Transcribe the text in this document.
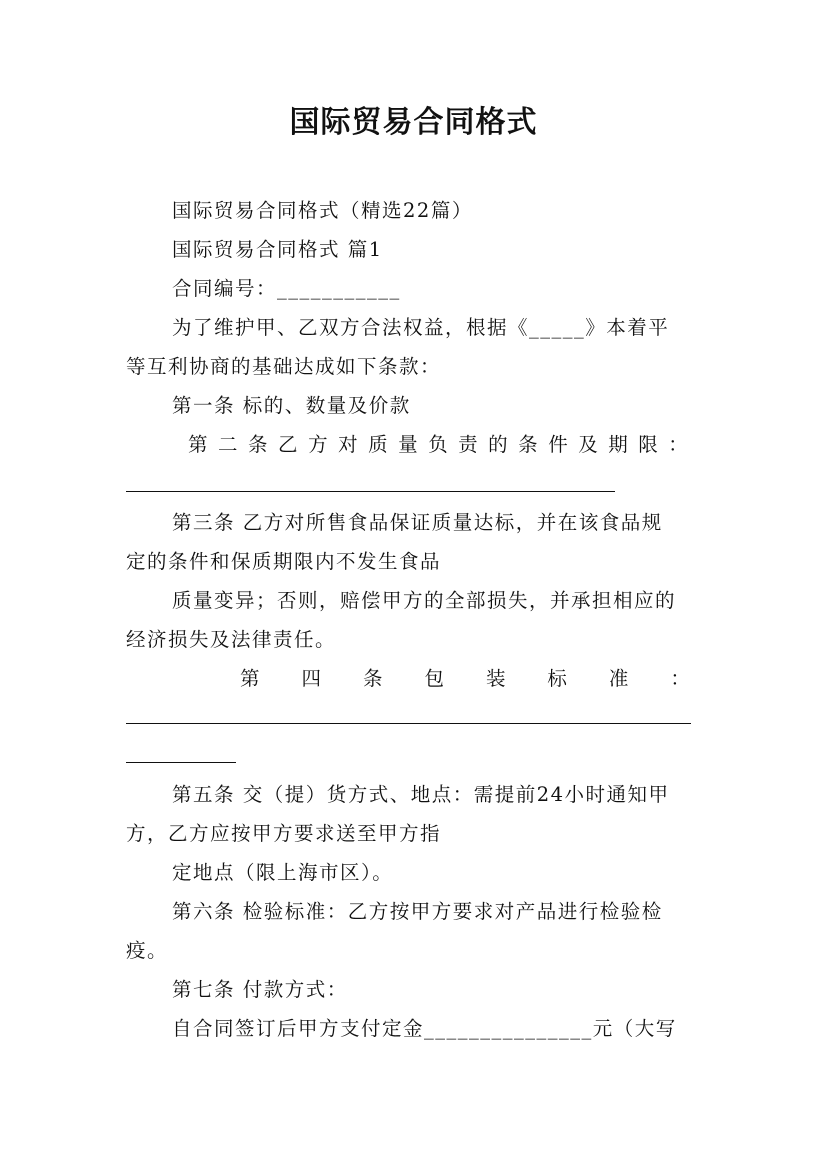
国际贸易合同格式
国际贸易合同格式（精选22篇）
国际贸易合同格式 篇1
合同编号：___________
为了维护甲、乙双方合法权益，根据《_____》本着平
等互利协商的基础达成如下条款：
第一条 标的、数量及价款
第 二 条 乙 方 对 质 量 负 责 的 条 件 及 期 限 ：
第三条 乙方对所售食品保证质量达标，并在该食品规
定的条件和保质期限内不发生食品
质量变异；否则，赔偿甲方的全部损失，并承担相应的
经济损失及法律责任。
第 四 条 包 装 标 准 ：
第五条 交（提）货方式、地点：需提前24小时通知甲
方，乙方应按甲方要求送至甲方指
定地点（限上海市区）。
第六条 检验标准：乙方按甲方要求对产品进行检验检
疫。
第七条 付款方式：
自合同签订后甲方支付定金_______________元（大写
